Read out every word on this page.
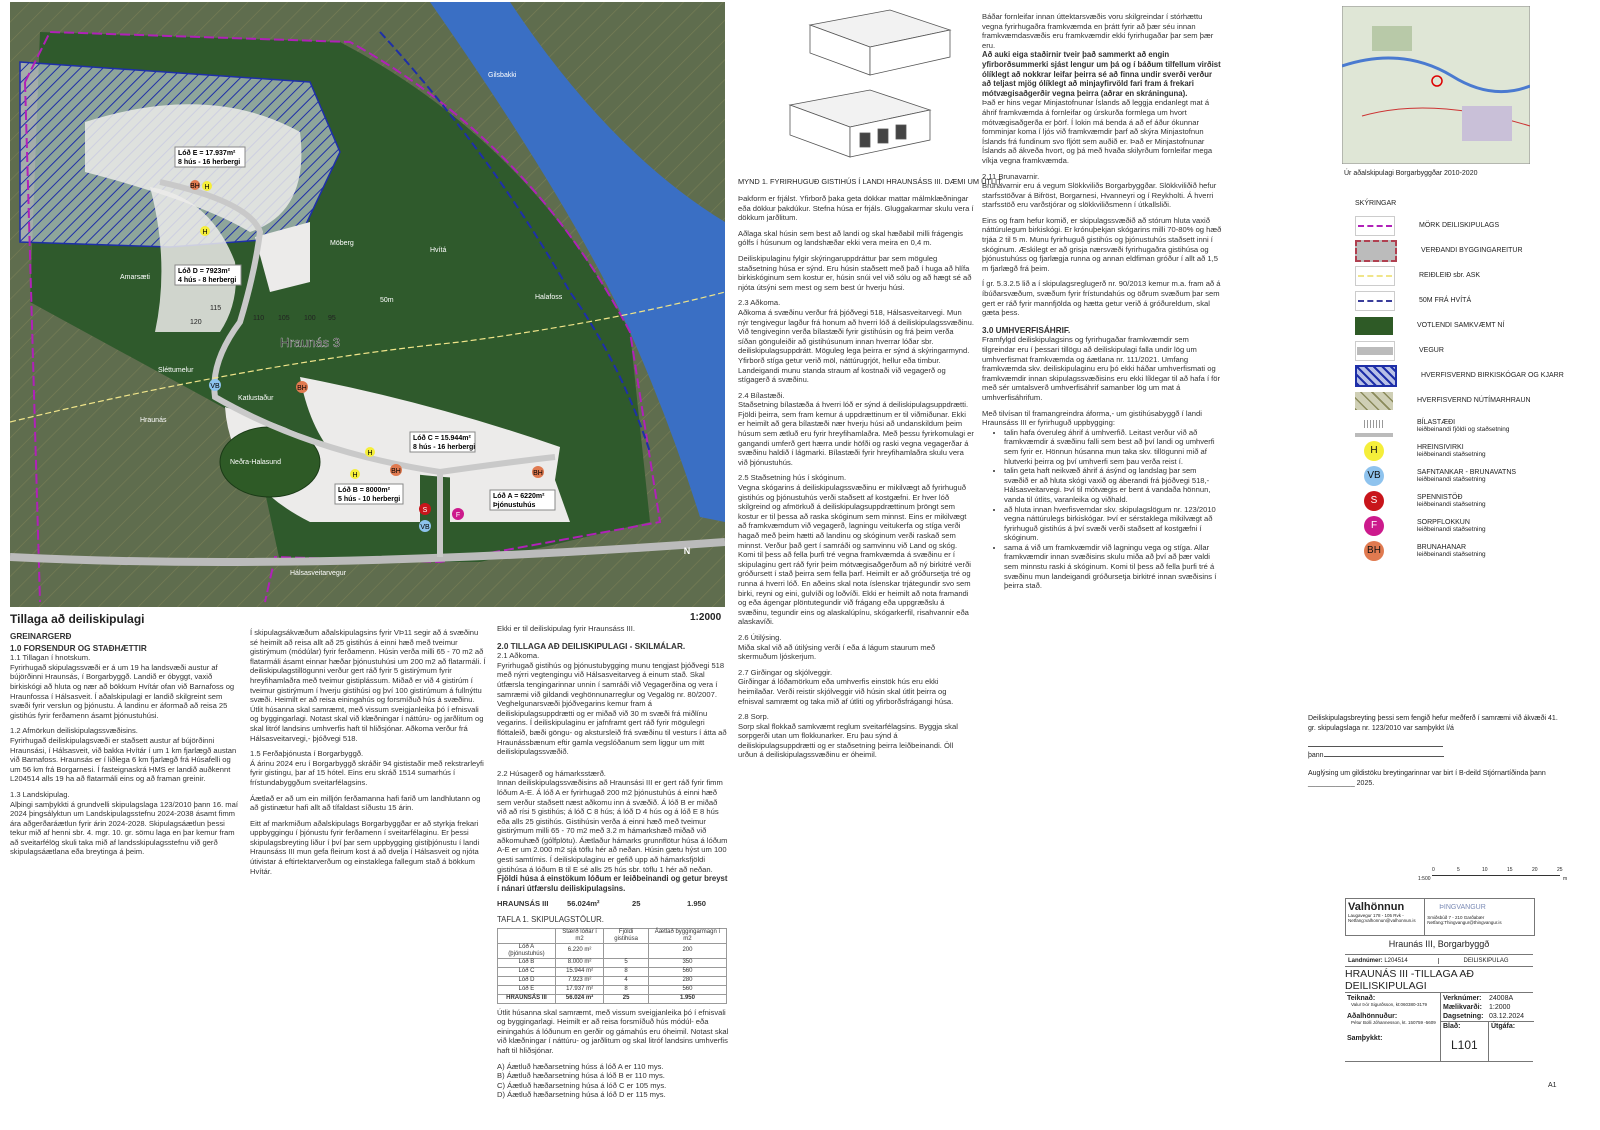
Lóð E = 17.937m²
8 hús - 16 herbergi
Lóð D = 7923m²
4 hús - 8 herbergi
Lóð C = 15.944m²
8 hús - 16 herbergi
Lóð B = 8000m²
5 hús - 10 herbergi	Lóð A = 6220m²
Þjónustuhús
Hraunás 3
Gilsbakki
Möberg
Hvítá
Halafoss
Amarsæti
Hraunás
Neðra-Halasund
Hálsasveitarvegur
Sléttumelur
Katlustaður
50m
115
120
110 105 100 95
BH H
H
BH
VB
H
H
BH	BH
S
F
VB
N
Tillaga að deiliskipulagi	1:2000
GREINARGERÐ
1.0 FORSENDUR OG STAÐHÆTTIR
1.1 Tillagan í hnotskum.
Fyrirhugað skipulagssvæði er á um 19 ha landsvæði austur af bújörðinni Hraunsás, í Borgarbyggð. Landið er óbyggt, vaxið birkiskógi að hluta og nær að bökkum Hvítár ofan við Barnafoss og Hraunfossa í Hálsasveit. Í aðalskipulagi er landið skilgreint sem svæði fyrir verslun og þjónustu. Á landinu er áformað að reisa 25 gistihús fyrir ferðamenn ásamt þjónustuhúsi.
1.2 Afmörkun deiliskipulagssvæðisins.
Fyrirhugað deiliskipulagsvæði er staðsett austur af bújörðinni Hraunsási, í Hálsasveit, við bakka Hvítár í um 1 km fjarlægð austan við Barnafoss. Hraunsás er í liðlega 6 km fjarlægð frá Húsafelli og um 56 km frá Borgarnesi. Í fasteignaskrá HMS er landið auðkennt L204514 alls 19 ha að flatarmáli eins og að framan greinir.
1.3 Landskipulag.
Alþingi samþykkti á grundvelli skipulagslaga 123/2010 þann 16. maí 2024 þingsályktun um Landskipulagsstefnu 2024-2038 ásamt fimm ára aðgerðaráætlun fyrir árin 2024-2028. Skipulagsáætlun þessi tekur mið af henni sbr. 4. mgr. 10. gr. sömu laga en þar kemur fram að sveitarfélög skuli taka mið af landsskipulagsstefnu við gerð skipulagsáætlana eða breytinga á þeim.
Í skipulagsákvæðum aðalskipulagsins fyrir VÞ11 segir að á svæðinu sé heimilt að reisa allt að 25 gistihús á einni hæð með tveimur gistirýmum (módúlar) fyrir ferðamenn. Húsin verða milli 65 - 70 m2 að flatarmáli ásamt einnar hæðar þjónustuhúsi um 200 m2 að flatarmáli. Í deiliskipulagstillögunni verður gert ráð fyrir 5 gistirýmum fyrir hreyfihamlaðra með tveimur gistiplássum. Miðað er við 4 gistirúm í tveimur gistirýmum í hverju gistihúsi og því 100 gistirúmum á fullnýttu svæði. Heimilt er að reisa einingahús og forsmíðuð hús á svæðinu. Útlit húsanna skal samræmt, með vissum sveigjanleika þó í efnisvali og byggingarlagi. Notast skal við klæðningar í náttúru- og jarðlitum og skal litróf landsins umhverfis haft til hliðsjónar. Aðkoma verður frá Hálsasveitarvegi,- þjóðvegi 518.
1.5 Ferðaþjónusta í Borgarbyggð.
Á árinu 2024 eru í Borgarbyggð skráðir 94 gististaðir með rekstrarleyfi fyrir gistingu, þar af 15 hótel. Eins eru skráð 1514 sumarhús í frístundabyggðum sveitarfélagsins.
Áætlað er að um ein milljón ferðamanna hafi farið um landhlutann og að gistinætur hafi allt að tífaldast síðustu 15 árin.
Eitt af markmiðum aðalskipulags Borgarbyggðar er að styrkja frekari uppbyggingu í þjónustu fyrir ferðamenn í sveitarfélaginu. Er þessi skipulagsbreyting liður í því þar sem uppbygging gistiþjónustu í landi Hraunsáss III mun gefa fleirum kost á að dvelja í Hálsasveit og njóta útivistar á eftirtektarverðum og einstaklega fallegum stað á bökkum Hvítár.
Ekki er til deiliskipulag fyrir Hraunsáss III.
2.0 TILLAGA AÐ DEILISKIPULAGI - SKILMÁLAR.
2.1 Aðkoma.
Fyrirhugað gistihús og þjónustubygging munu tengjast þjóðvegi 518 með nýrri vegtengingu við Hálsasveitarveg á einum stað. Skal útfærsla tengingarinnar unnin í samráði við Vegagerðina og vera í samræmi við gildandi veghönnunarreglur og Vegalög nr. 80/2007. Veghelgunarsvæði þjóðvegarins kemur fram á deiliskipulagsuppdrætti og er miðað við 30 m svæði frá miðlínu vegarins. Í deiliskipulaginu er jafnframt gert ráð fyrir mögulegri flóttaleið, bæði göngu- og akstursleið frá svæðinu til vesturs í átta að Hraunássbænum eftir gamla vegslóðanum sem liggur um mitt deiliskipulagssvæðið.
2.2 Húsagerð og hámarksstærð.
Innan deiliskipulagssvæðisins að Hraunsási III er gert ráð fyrir fimm lóðum A-E. Á lóð A er fyrirhugað 200 m2 þjónustuhús á einni hæð sem verður staðsett næst aðkomu inn á svæðið. Á lóð B er miðað við að rísi 5 gistihús; á lóð C 8 hús; á lóð D 4 hús og á lóð E 8 hús eða alls 25 gistihús. Gistihúsin verða á einni hæð með tveimur gistirýmum milli 65 - 70 m2 með 3.2 m hámarkshæð miðað við aðkomuhæð (gólfplötu). Áætlaður hámarks grunnflötur húsa á lóðum A-E er um 2.000 m2 sjá töflu hér að neðan. Húsin gætu hýst um 100 gesti samtímis. Í deiliskipulaginu er gefið upp að hámarksfjöldi gistihúsa á lóðum B til E sé alls 25 hús sbr. töflu 1 hér að neðan.
Fjöldi húsa á einstökum lóðum er leiðbeinandi og getur breyst í nánari útfærslu deiliskipulagsins.
HRAUNSÁS III	56.024m²	25	1.950
TAFLA 1. SKIPULAGSTÖLUR.
	Stærð lóðar í m2	Fjöldi gistihúsa	Áætlað byggingarmagn í m2
Lóð A (þjónustuhús)	6.220 m²		200
Lóð B	8.000 m²	5	350
Lóð C	15.944 m²	8	560
Lóð D	7.923 m²	4	280
Lóð E	17.937 m²	8	560
HRAUNSÁS III	56.024 m²	25	1.950
Útlit húsanna skal samræmt, með vissum sveigjanleika þó í efnisvali og byggingarlagi. Heimilt er að reisa forsmíðuð hús módúl- eða einingahús á lóðunum en gerðir og gámahús eru óheimil. Notast skal við klæðningar í náttúru- og jarðlitum og skal litróf landsins umhverfis haft til hliðsjónar.
A) Áætluð hæðarsetning húss á lóð A er 110 mys.
B) Áætluð hæðarsetning húsa á lóð B er 110 mys.
C) Áætluð hæðarsetning húsa á lóð C er 105 mys.
D) Áætluð hæðarsetning húsa á lóð D er 115 mys.
MYND 1. FYRIRHUGUÐ GISTIHÚS Í LANDI HRAUNSÁSS III. DÆMI UM ÚTLIT.
Þakform er frjálst. Yfirborð þaka geta dökkar mattar málmklæðningar eða dökkur þakdúkur. Stefna húsa er frjáls. Gluggakarmar skulu vera í dökkum jarðlitum.
Aðlaga skal húsin sem best að landi og skal hæðabil milli frágengis gólfs í húsunum og landshæðar ekki vera meira en 0,4 m.
Deiliskipulaginu fylgir skýringaruppdráttur þar sem möguleg staðsetning húsa er sýnd. Eru húsin staðsett með það í huga að hlífa birkiskóginum sem kostur er, húsin snúi vel við sólu og að hægt sé að njóta útsýni sem mest og sem best úr hverju húsi.
2.3 Aðkoma.
Aðkoma á svæðinu verður frá þjóðvegi 518, Hálsasveitarvegi. Mun nýr tengivegur lagður frá honum að hverri lóð á deiliskipulagssvæðinu. Við tengiveginn verða bílastæði fyrir gistihúsin og frá þeim verða síðan gönguleiðir að gistihúsunum innan hverrar lóðar sbr. deiliskipulagsuppdrátt. Möguleg lega þeirra er sýnd á skýringarmynd. Yfirborð stíga getur verið möl, náttúrugrjót, hellur eða timbur. Landeigandi munu standa straum af kostnaði við vegagerð og stígagerð á svæðinu.
2.4 Bílastæði.
Staðsetning bílastæða á hverri lóð er sýnd á deiliskipulagsuppdrætti. Fjöldi þeirra, sem fram kemur á uppdrættinum er til viðmiðunar. Ekki er heimilt að gera bílastæði nær hverju húsi að undanskildum þeim húsum sem ætluð eru fyrir hreyfihamlaðra. Með þessu fyrirkomulagi er gangandi umferð gert hærra undir höfði og raski vegna vegagerðar á svæðinu haldið í lágmarki. Bílastæði fyrir hreyfihamlaðra skulu vera við þjónustuhús.
2.5 Staðsetning hús í skóginum.
Vegna skógarins á deiliskipulagssvæðinu er mikilvægt að fyrirhuguð gistihús og þjónustuhús verði staðsett af kostgæfni. Er hver lóð skilgreind og afmörkuð á deiliskipulagsuppdrættinum þröngt sem kostur er til þessa að raska skóginum sem minnst. Eins er mikilvægt að framkvæmdum við vegagerð, lagningu veitukerfa og stíga verði hagað með þeim hætti að landinu og skóginum verði raskað sem minnst. Verður það gert í samráði og samvinnu við Land og skóg. Komi til þess að fella þurfi tré vegna framkvæmda á svæðinu er í skipulaginu gert ráð fyrir þeim mótvægisaðgerðum að ný birkitré verði gróðursett í stað þeirra sem fella þarf. Heimilt er að gróðursetja tré og runna á hverri lóð. En aðeins skal nota íslenskar trjátegundir svo sem birki, reyni og eini, gulvíði og loðvíði. Ekki er heimilt að nota framandi og eða ágengar plöntutegundir við frágang eða uppgræðslu á svæðinu, tegundir eins og alaskalúpínu, skógarkerfil, risahvannir eða alaskavíði.
2.6 Útilýsing.
Miða skal við að útilýsing verði í eða á lágum staurum með skermuðum ljóskerjum.
2.7 Girðingar og skjólveggir.
Girðingar á lóðamörkum eða umhverfis einstök hús eru ekki heimilaðar. Verði reistir skjólveggir við húsin skal útlit þeirra og efnisval samræmt og taka mið af útliti og yfirborðsfrágangi húsa.
2.8 Sorp.
Sorp skal flokkað samkvæmt reglum sveitarfélagsins. Byggja skal sorpgerði utan um flokkunarker. Eru þau sýnd á deiliskipulagsuppdrætti og er staðsetning þeirra leiðbeinandi. Öll urðun á deiliskipulagssvæðinu er óheimil.
Báðar fornleifar innan úttektarsvæðis voru skilgreindar í stórhættu vegna fyrirhugaðra framkvæmda en þrátt fyrir að þær séu innan framkvæmdasvæðis eru framkvæmdir ekki fyrirhugaðar þar sem þær eru.
Að auki eiga staðirnir tveir það sammerkt að engin yfirborðsummerki sjást lengur um þá og í báðum tilfellum virðist ólíklegt að nokkrar leifar þeirra sé að finna undir sverði verður að teljast mjög ólíklegt að minjayfirvöld fari fram á frekari mótvægisaðgerðir vegna þeirra (aðrar en skráninguna).
Það er hins vegar Minjastofnunar Íslands að leggja endanlegt mat á áhrif framkvæmda á fornleifar og úrskurða formlega um hvort mótvægisaðgerða er þörf. Í lokin má benda á að ef áður ókunnar fornminjar koma í ljós við framkvæmdir þarf að skýra Minjastofnun Íslands frá fundinum svo fljótt sem auðið er. Það er Minjastofnunar Íslands að ákveða hvort, og þá með hvaða skilyrðum fornleifar mega víkja vegna framkvæmda.
2.11 Brunavarnir.
Brunavarnir eru á vegum Slökkviliðs Borgarbyggðar. Slökkviliðið hefur starfsstöðvar á Bifröst, Borgarnesi, Hvanneyri og í Reykholti. Á hverri starfsstöð eru varðstjórar og slökkviliðsmenn í útkallsliði.
Eins og fram hefur komið, er skipulagssvæðið að stórum hluta vaxið náttúrulegum birkiskógi. Er krónuþekjan skógarins milli 70-80% og hæð trjáa 2 til 5 m. Munu fyrirhuguð gistihús og þjónustuhús staðsett inni í skóginum. Æskilegt er að grisja nærsvæði fyrirhugaðra gistihúsa og þjónustuhúss og fjarlægja runna og annan eldfiman gróður í allt að 1,5 m fjarlægð frá þeim.
Í gr. 5.3.2.5 lið a í skipulagsreglugerð nr. 90/2013 kemur m.a. fram að á íbúðarsvæðum, svæðum fyrir frístundahús og öðrum svæðum þar sem gert er ráð fyrir mannfjölda og hætta getur verið á gróðureldum, skal gæta þess.
3.0 UMHVERFISÁHRIF.
Framfylgd deiliskipulagsins og fyrirhugaðar framkvæmdir sem tilgreindar eru í þessari tillögu að deiliskipulagi falla undir lög um umhverfismat framkvæmda og áætlana nr. 111/2021. Umfang framkvæmda skv. deiliskipulaginu eru þó ekki háðar umhverfismati og framkvæmdir innan skipulagssvæðisins eru ekki líklegar til að hafa í för með sér umtalsverð umhverfisáhrif samanber lög um mat á umhverfisáhrifum.
Með tilvísan til framangreindra áforma,- um gistihúsabyggð í landi Hraunsáss III er fyrirhuguð uppbygging:
• talin hafa óveruleg áhrif á umhverfið. Leitast verður við að framkvæmdir á svæðinu falli sem best að því landi og umhverfi sem fyrir er. Hönnun húsanna mun taka skv. tillögunni mið af hlutverki þeirra og því umhverfi sem þau verða reist í.
• talin geta haft neikvæð áhrif á ásýnd og landslag þar sem svæðið er að hluta skógi vaxið og áberandi frá þjóðvegi 518,- Hálsasveitarvegi. Því til mótvægis er bent á vandaða hönnun, vanda til útlits, varanleika og viðhald.
• að hluta innan hverfisverndar skv. skipulagslögum nr. 123/2010 vegna náttúrulegs birkiskógar. Því er sérstaklega mikilvægt að fyrirhuguð gistihús á því svæði verði staðsett af kostgæfni í skóginum.
• sama á við um framkvæmdir við lagningu vega og stíga. Allar framkvæmdir innan svæðisins skulu miða að því að þær valdi sem minnstu raski á skóginum. Komi til þess að fella þurfi tré á svæðinu mun landeigandi gróðursetja birkitré innan svæðisins í þeirra stað.
Úr aðalskipulagi Borgarbyggðar 2010-2020
SKÝRINGAR
MÖRK DEILISKIPULAGS
VERÐANDI BYGGINGAREITUR
REIÐLEIÐ sbr. ASK
50M FRÁ HVÍTÁ
VOTLENDI SAMKVÆMT NÍ
VEGUR
HVERFISVERND BIRKISKÓGAR OG KJARR
HVERFISVERND NÚTÍMARHRAUN
BÍLASTÆÐI
leiðbeinandi fjöldi og staðsetning
H	HREINSIVIRKI
leiðbeinandi staðsetning
VB	SAFNTANKAR - BRUNAVATNS
leiðbeinandi staðsetning
S	SPENNISTÖÐ
leiðbeinandi staðsetning
F	SORPFLOKKUN
leiðbeinandi staðsetning
BH	BRUNAHANAR
leiðbeinandi staðsetning
Deiliskipulagsbreyting þessi sem fengið hefur meðferð í samræmi við ákvæði 41. gr. skipulagslaga nr. 123/2010 var samþykkt í/á
þann
Auglýsing um gildistöku breytingarinnar var birt í B-deild Stjórnartíðinda þann ____________ 2025.
0	5	10	15	20	25
m
1:500
Valhönnun
Laugavegur 178 - 105 Rvk - Netfang:valhonnun@valhonnun.is
ÞINGVANGUR
Smiðsbúð 7 - 210 Garðabær Netfang:Thingvangur@thingvangur.is
Hraunás III, Borgarbyggð
Landnúmer: L204514	DEILISKIPULAG
HRAUNÁS III -TILLAGA AÐ DEILISKIPULAGI
Teiknað:
Valur Þór Sigurðsson, kt:060380-3179
Aðalhönnuður:
Pétur Bolli Jóhannesson, kt. 150759 -5609
Samþykkt:
Verknúmer: 24008A
Mælikvarði: 1:2000
Dagsetning: 03.12.2024
Blað:	Útgáfa:
L101
A1
